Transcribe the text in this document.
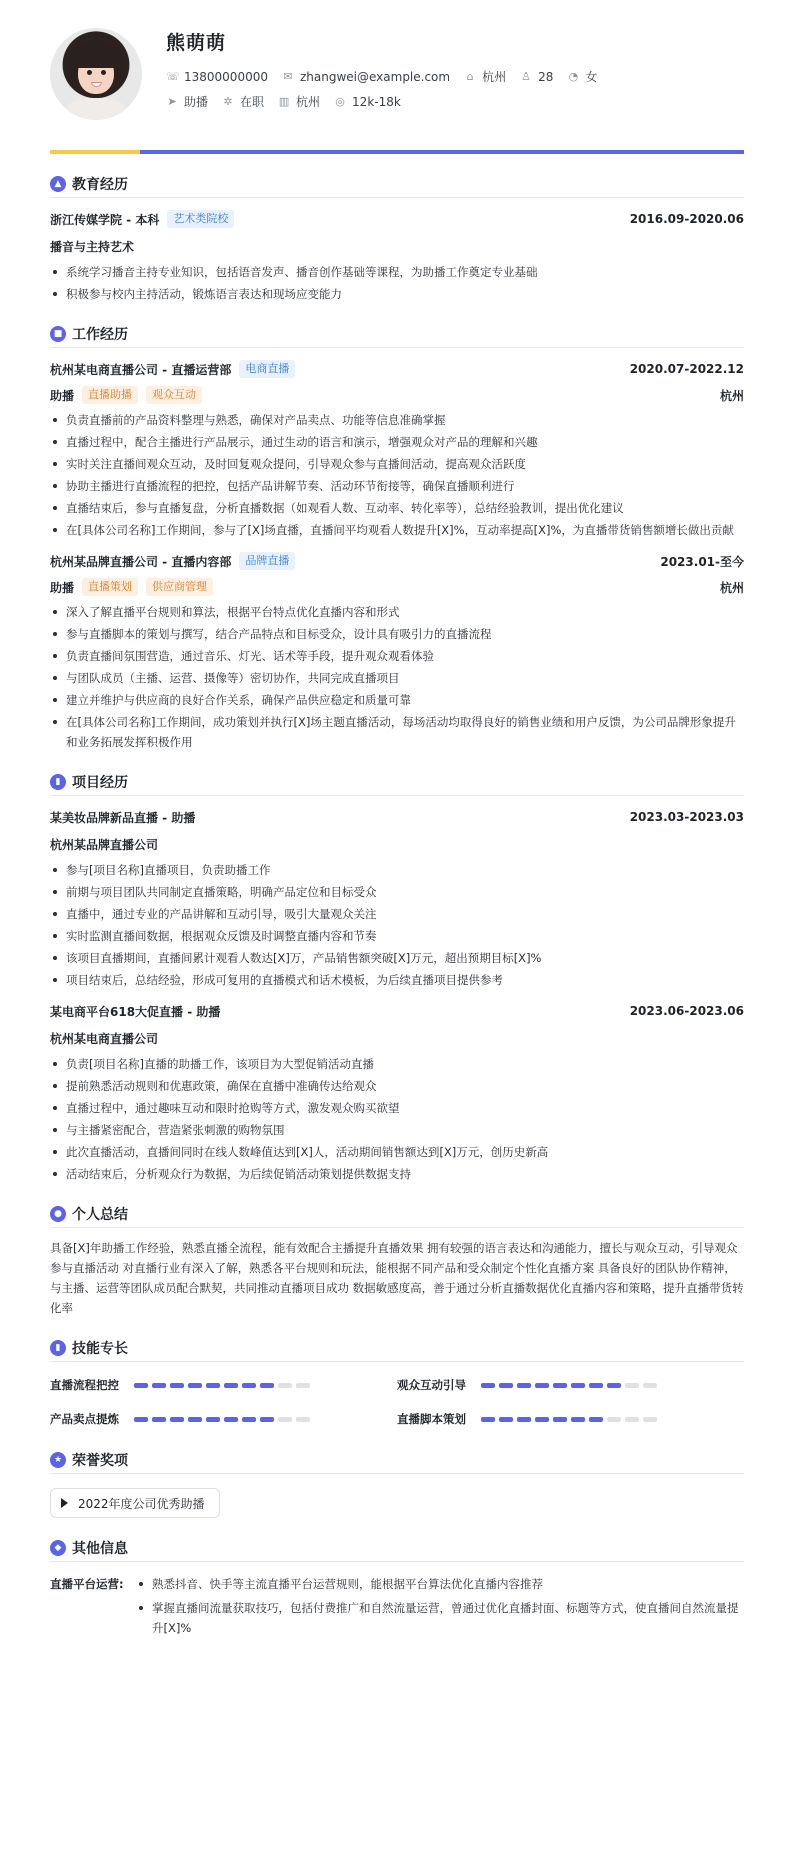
熊萌萌
☏ 13800000000 ✉ zhangwei@example.com ⌂ 杭州 ♙ 28 ◔ 女
➤ 助播 ✲ 在职 ▥ 杭州 ◎ 12k-18k
▲ 教育经历
浙江传媒学院 - 本科	艺术类院校	2016.09-2020.06
播音与主持艺术
系统学习播音主持专业知识，包括语音发声、播音创作基础等课程，为助播工作奠定专业基础
积极参与校内主持活动，锻炼语言表达和现场应变能力
■ 工作经历
杭州某电商直播公司 - 直播运营部	电商直播	2020.07-2022.12
助播	直播助播	观众互动	杭州
负责直播前的产品资料整理与熟悉，确保对产品卖点、功能等信息准确掌握
直播过程中，配合主播进行产品展示，通过生动的语言和演示，增强观众对产品的理解和兴趣
实时关注直播间观众互动，及时回复观众提问，引导观众参与直播间活动，提高观众活跃度
协助主播进行直播流程的把控，包括产品讲解节奏、活动环节衔接等，确保直播顺利进行
直播结束后，参与直播复盘，分析直播数据（如观看人数、互动率、转化率等），总结经验教训，提出优化建议
在[具体公司名称]工作期间，参与了[X]场直播，直播间平均观看人数提升[X]%，互动率提高[X]%，为直播带货销售额增长做出贡献
杭州某品牌直播公司 - 直播内容部	品牌直播	2023.01-至今
助播	直播策划	供应商管理	杭州
深入了解直播平台规则和算法，根据平台特点优化直播内容和形式
参与直播脚本的策划与撰写，结合产品特点和目标受众，设计具有吸引力的直播流程
负责直播间氛围营造，通过音乐、灯光、话术等手段，提升观众观看体验
与团队成员（主播、运营、摄像等）密切协作，共同完成直播项目
建立并维护与供应商的良好合作关系，确保产品供应稳定和质量可靠
在[具体公司名称]工作期间，成功策划并执行[X]场主题直播活动，每场活动均取得良好的销售业绩和用户反馈，为公司品牌形象提升和业务拓展发挥积极作用
▮ 项目经历
某美妆品牌新品直播 - 助播	2023.03-2023.03
杭州某品牌直播公司
参与[项目名称]直播项目，负责助播工作
前期与项目团队共同制定直播策略，明确产品定位和目标受众
直播中，通过专业的产品讲解和互动引导，吸引大量观众关注
实时监测直播间数据，根据观众反馈及时调整直播内容和节奏
该项目直播期间，直播间累计观看人数达[X]万，产品销售额突破[X]万元，超出预期目标[X]%
项目结束后，总结经验，形成可复用的直播模式和话术模板，为后续直播项目提供参考
某电商平台618大促直播 - 助播	2023.06-2023.06
杭州某电商直播公司
负责[项目名称]直播的助播工作，该项目为大型促销活动直播
提前熟悉活动规则和优惠政策，确保在直播中准确传达给观众
直播过程中，通过趣味互动和限时抢购等方式，激发观众购买欲望
与主播紧密配合，营造紧张刺激的购物氛围
此次直播活动，直播间同时在线人数峰值达到[X]人，活动期间销售额达到[X]万元，创历史新高
活动结束后，分析观众行为数据，为后续促销活动策划提供数据支持
● 个人总结
具备[X]年助播工作经验，熟悉直播全流程，能有效配合主播提升直播效果 拥有较强的语言表达和沟通能力，擅长与观众互动，引导观众参与直播活动 对直播行业有深入了解，熟悉各平台规则和玩法，能根据不同产品和受众制定个性化直播方案 具备良好的团队协作精神，与主播、运营等团队成员配合默契，共同推动直播项目成功 数据敏感度高，善于通过分析直播数据优化直播内容和策略，提升直播带货转化率
▮ 技能专长
直播流程把控	观众互动引导
产品卖点提炼	直播脚本策划
★ 荣誉奖项
2022年度公司优秀助播
◆ 其他信息
直播平台运营:	熟悉抖音、快手等主流直播平台运营规则，能根据平台算法优化直播内容推荐
掌握直播间流量获取技巧，包括付费推广和自然流量运营，曾通过优化直播封面、标题等方式，使直播间自然流量提升[X]%
